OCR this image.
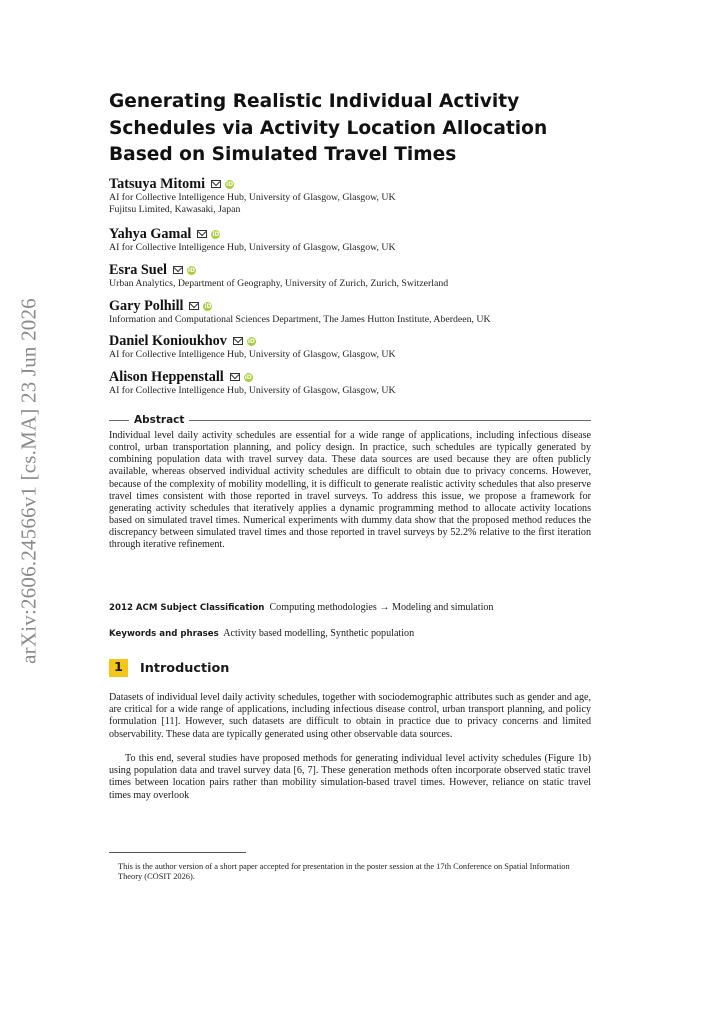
arXiv:2606.24566v1 [cs.MA] 23 Jun 2026
Generating Realistic Individual Activity Schedules via Activity Location Allocation Based on Simulated Travel Times
Tatsuya Mitomi	iD
AI for Collective Intelligence Hub, University of Glasgow, Glasgow, UK
Fujitsu Limited, Kawasaki, Japan
Yahya Gamal	iD
AI for Collective Intelligence Hub, University of Glasgow, Glasgow, UK
Esra Suel	iD
Urban Analytics, Department of Geography, University of Zurich, Zurich, Switzerland
Gary Polhill	iD
Information and Computational Sciences Department, The James Hutton Institute, Aberdeen, UK
Daniel Konioukhov	iD
AI for Collective Intelligence Hub, University of Glasgow, Glasgow, UK
Alison Heppenstall	iD
AI for Collective Intelligence Hub, University of Glasgow, Glasgow, UK
Abstract

Individual level daily activity schedules are essential for a wide range of applications, including infectious disease control, urban transportation planning, and policy design. In practice, such schedules are typically generated by combining population data with travel survey data. These data sources are used because they are often publicly available, whereas observed individual activity schedules are difficult to obtain due to privacy concerns. However, because of the complexity of mobility modelling, it is difficult to generate realistic activity schedules that also preserve travel times consistent with those reported in travel surveys. To address this issue, we propose a framework for generating activity schedules that iteratively applies a dynamic programming method to allocate activity locations based on simulated travel times. Numerical experiments with dummy data show that the proposed method reduces the discrepancy between simulated travel times and those reported in travel surveys by 52.2% relative to the first iteration through iterative refinement.

2012 ACM Subject Classification Computing methodologies → Modeling and simulation

Keywords and phrases Activity based modelling, Synthetic population

1	Introduction

Datasets of individual level daily activity schedules, together with sociodemographic attributes such as gender and age, are critical for a wide range of applications, including infectious disease control, urban transport planning, and policy formulation [11]. However, such datasets are difficult to obtain in practice due to privacy concerns and limited observability. These data are typically generated using other observable data sources.

To this end, several studies have proposed methods for generating individual level activity schedules (Figure 1b) using population data and travel survey data [6, 7]. These generation methods often incorporate observed static travel times between location pairs rather than mobility simulation-based travel times. However, reliance on static travel times may overlook

This is the author version of a short paper accepted for presentation in the poster session at the 17th Conference on Spatial Information Theory (COSIT 2026).
